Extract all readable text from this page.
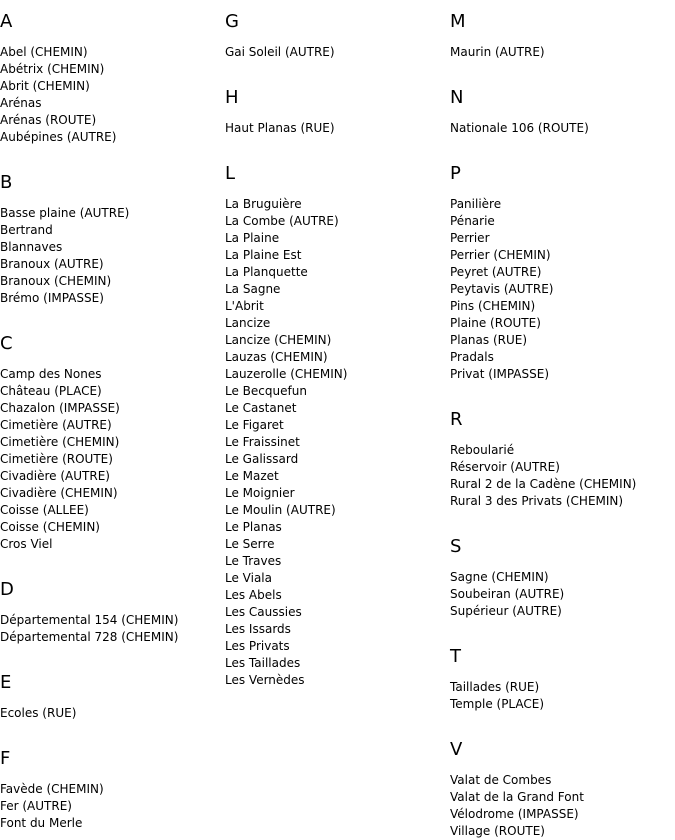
A
Abel (CHEMIN)
Abétrix (CHEMIN)
Abrit (CHEMIN)
Arénas
Arénas (ROUTE)
Aubépines (AUTRE)
B
Basse plaine (AUTRE)
Bertrand
Blannaves
Branoux (AUTRE)
Branoux (CHEMIN)
Brémo (IMPASSE)
C
Camp des Nones
Château (PLACE)
Chazalon (IMPASSE)
Cimetière (AUTRE)
Cimetière (CHEMIN)
Cimetière (ROUTE)
Civadière (AUTRE)
Civadière (CHEMIN)
Coisse (ALLEE)
Coisse (CHEMIN)
Cros Viel
D
Départemental 154 (CHEMIN)
Départemental 728 (CHEMIN)
E
Ecoles (RUE)
F
Favède (CHEMIN)
Fer (AUTRE)
Font du Merle
G
Gai Soleil (AUTRE)
H
Haut Planas (RUE)
L
La Bruguière
La Combe (AUTRE)
La Plaine
La Plaine Est
La Planquette
La Sagne
L'Abrit
Lancize
Lancize (CHEMIN)
Lauzas (CHEMIN)
Lauzerolle (CHEMIN)
Le Becquefun
Le Castanet
Le Figaret
Le Fraissinet
Le Galissard
Le Mazet
Le Moignier
Le Moulin (AUTRE)
Le Planas
Le Serre
Le Traves
Le Viala
Les Abels
Les Caussies
Les Issards
Les Privats
Les Taillades
Les Vernèdes
M
Maurin (AUTRE)
N
Nationale 106 (ROUTE)
P
Panilière
Pénarie
Perrier
Perrier (CHEMIN)
Peyret (AUTRE)
Peytavis (AUTRE)
Pins (CHEMIN)
Plaine (ROUTE)
Planas (RUE)
Pradals
Privat (IMPASSE)
R
Reboularié
Réservoir (AUTRE)
Rural 2 de la Cadène (CHEMIN)
Rural 3 des Privats (CHEMIN)
S
Sagne (CHEMIN)
Soubeiran (AUTRE)
Supérieur (AUTRE)
T
Taillades (RUE)
Temple (PLACE)
V
Valat de Combes
Valat de la Grand Font
Vélodrome (IMPASSE)
Village (ROUTE)
